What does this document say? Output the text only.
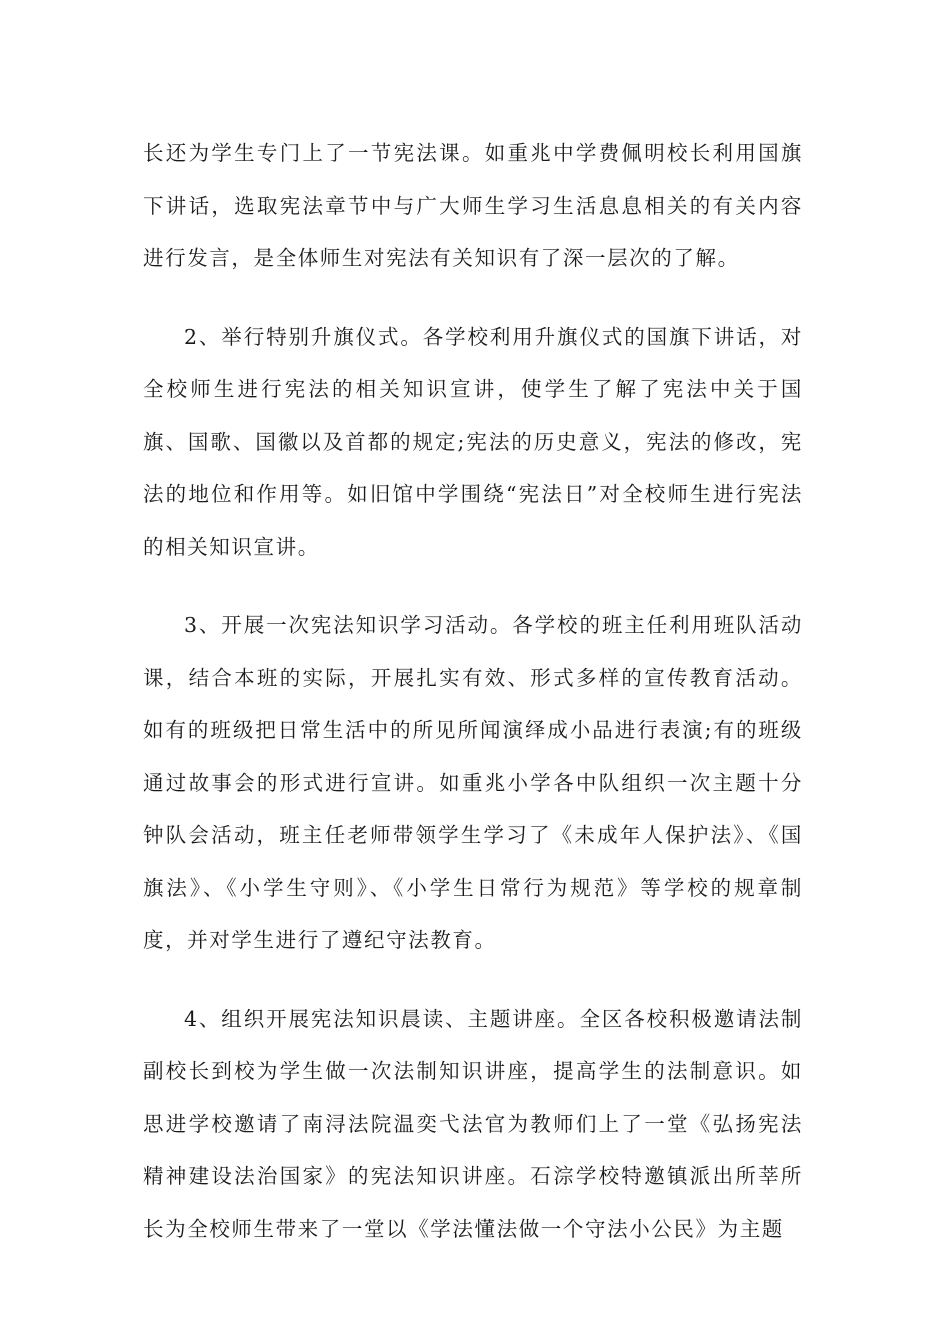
长还为学生专门上了一节宪法课。如重兆中学费佩明校长利用国旗下讲话，选取宪法章节中与广大师生学习生活息息相关的有关内容进行发言，是全体师生对宪法有关知识有了深一层次的了解。

2、举行特别升旗仪式。各学校利用升旗仪式的国旗下讲话，对全校师生进行宪法的相关知识宣讲，使学生了解了宪法中关于国旗、国歌、国徽以及首都的规定;宪法的历史意义，宪法的修改，宪法的地位和作用等。如旧馆中学围绕“宪法日”对全校师生进行宪法的相关知识宣讲。

3、开展一次宪法知识学习活动。各学校的班主任利用班队活动课，结合本班的实际，开展扎实有效、形式多样的宣传教育活动。如有的班级把日常生活中的所见所闻演绎成小品进行表演;有的班级通过故事会的形式进行宣讲。如重兆小学各中队组织一次主题十分钟队会活动，班主任老师带领学生学习了《未成年人保护法》、《国旗法》、《小学生守则》、《小学生日常行为规范》等学校的规章制度，并对学生进行了遵纪守法教育。

4、组织开展宪法知识晨读、主题讲座。全区各校积极邀请法制副校长到校为学生做一次法制知识讲座，提高学生的法制意识。如思进学校邀请了南浔法院温奕弋法官为教师们上了一堂《弘扬宪法精神建设法治国家》的宪法知识讲座。石淙学校特邀镇派出所莘所长为全校师生带来了一堂以《学法懂法做一个守法小公民》为主题
